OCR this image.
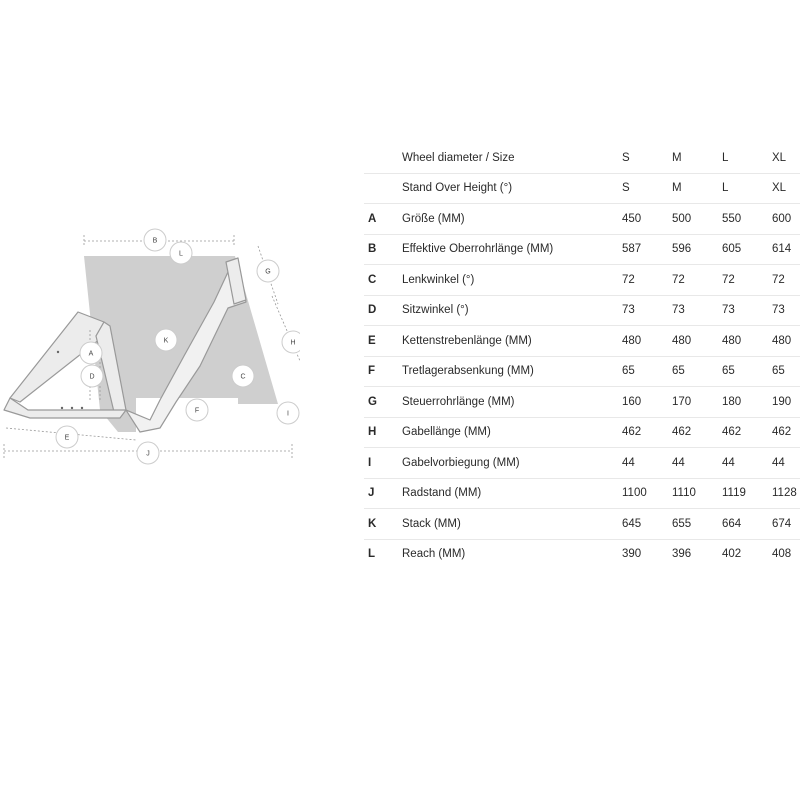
B
L
G
K	H
A
D	C
F	I
E
J
	Wheel diameter / Size	S	M	L	XL
	Stand Over Height (°)	S	M	L	XL
A	Größe (MM)	450	500	550	600
B	Effektive Oberrohrlänge (MM)	587	596	605	614
C	Lenkwinkel (°)	72	72	72	72
D	Sitzwinkel (°)	73	73	73	73
E	Kettenstrebenlänge (MM)	480	480	480	480
F	Tretlagerabsenkung (MM)	65	65	65	65
G	Steuerrohrlänge (MM)	160	170	180	190
H	Gabellänge (MM)	462	462	462	462
I	Gabelvorbiegung (MM)	44	44	44	44
J	Radstand (MM)	1100	1110	1119	1128
K	Stack (MM)	645	655	664	674
L	Reach (MM)	390	396	402	408
